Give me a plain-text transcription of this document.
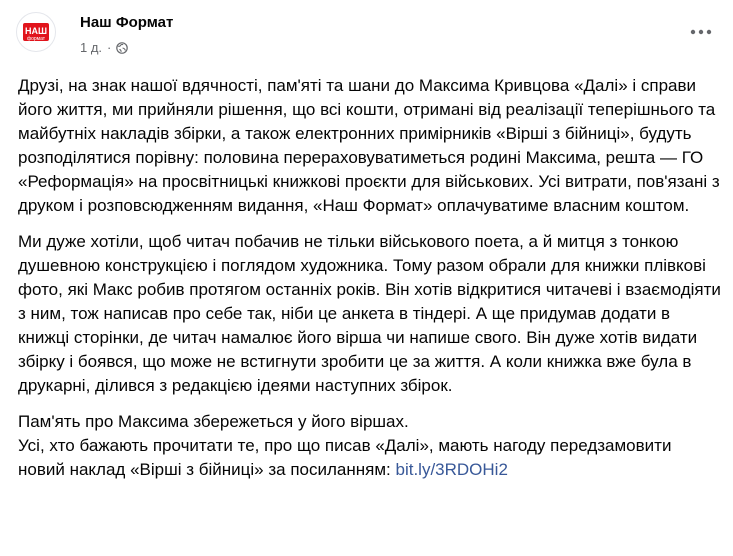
НАШ
формат
Наш Формат
1 д. ·

Друзі, на знак нашої вдячності, пам'яті та шани до Максима Кривцова «Далі» і справи його життя, ми прийняли рішення, що всі кошти, отримані від реалізації теперішнього та майбутніх накладів збірки, а також електронних примірників «Вірші з бійниці», будуть розподілятися порівну: половина перераховуватиметься родині Максима, решта — ГО «Реформація» на просвітницькі книжкові проєкти для військових. Усі витрати, пов'язані з друком і розповсюдженням видання, «Наш Формат» оплачуватиме власним коштом.

Ми дуже хотіли, щоб читач побачив не тільки військового поета, а й митця з тонкою душевною конструкцією і поглядом художника. Тому разом обрали для книжки плівкові фото, які Макс робив протягом останніх років. Він хотів відкритися читачеві і взаємодіяти з ним, тож написав про себе так, ніби це анкета в тіндері. А ще придумав додати в книжці сторінки, де читач намалює його вірша чи напише свого. Він дуже хотів видати збірку і боявся, що може не встигнути зробити це за життя. А коли книжка вже була в друкарні, ділився з редакцією ідеями наступних збірок.

Пам'ять про Максима збережеться у його віршах.
Усі, хто бажають прочитати те, про що писав «Далі», мають нагоду передзамовити новий наклад «Вірші з бійниці» за посиланням: bit.ly/3RDOHi2
